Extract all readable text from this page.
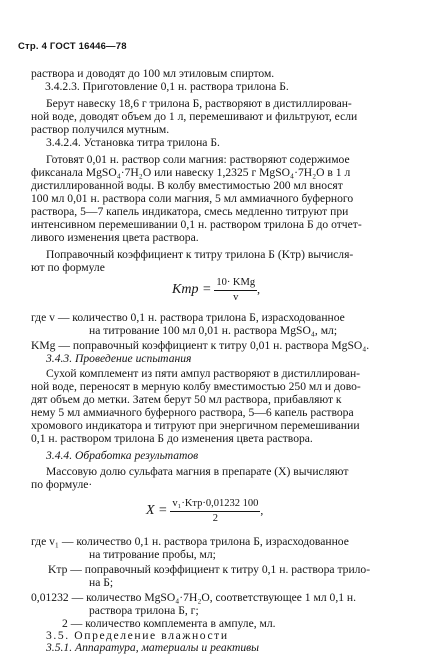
Стр. 4 ГОСТ 16446—78
раствора и доводят до 100 мл этиловым спиртом.
3.4.2.3. Приготовление 0,1 н. раствора трилона Б.
Берут навеску 18,6 г трилона Б, растворяют в дистиллирован-
ной воде, доводят объем до 1 л, перемешивают и фильтруют, если
раствор получился мутным.
3.4.2.4. Установка титра трилона Б.
Готовят 0,01 н. раствор соли магния: растворяют содержимое
фиксанала MgSO₄·7H₂O или навеску 1,2325 г MgSO₄·7H₂O в 1 л
дистиллированной воды. В колбу вместимостью 200 мл вносят
100 мл 0,01 н. раствора соли магния, 5 мл аммиачного буферного
раствора, 5—7 капель индикатора, смесь медленно титруют при
интенсивном перемешивании 0,1 н. раствором трилона Б до отчет-
ливого изменения цвета раствора.
Поправочный коэффициент к титру трилона Б (Kтр) вычисля-
ют по формуле
Kтр = $\frac{\text{10· KMg}}{v}$ ,
где v — количество 0,1 н. раствора трилона Б, израсходованное
на титрование 100 мл 0,01 н. раствора MgSO₄, мл;
KMg — поправочный коэффициент к титру 0,01 н. раствора MgSO₄.
3.4.3. Проведение испытания
Сухой комплемент из пяти ампул растворяют в дистиллирован-
ной воде, переносят в мерную колбу вместимостью 250 мл и дово-
дят объем до метки. Затем берут 50 мл раствора, прибавляют к
нему 5 мл аммиачного буферного раствора, 5—6 капель раствора
хромового индикатора и титруют при энергичном перемешивании
0,1 н. раствором трилона Б до изменения цвета раствора.
3.4.4. Обработка результатов
Массовую долю сульфата магния в препарате (X) вычисляют
по формуле·
$X = \frac{\text{v₁·Kтр·0,01232 100}}{2}$ ,
где v₁ — количество 0,1 н. раствора трилона Б, израсходованное
на титрование пробы, мл;
Kтр — поправочный коэффициент к титру 0,1 н. раствора трило-
на Б;
0,01232 — количество MgSO₄·7H₂O, соответствующее 1 мл 0,1 н.
раствора трилона Б, г;
2 — количество комплемента в ампуле, мл.
3.5. Определение влажности
3.5.1. Аппаратура, материалы и реактивы
